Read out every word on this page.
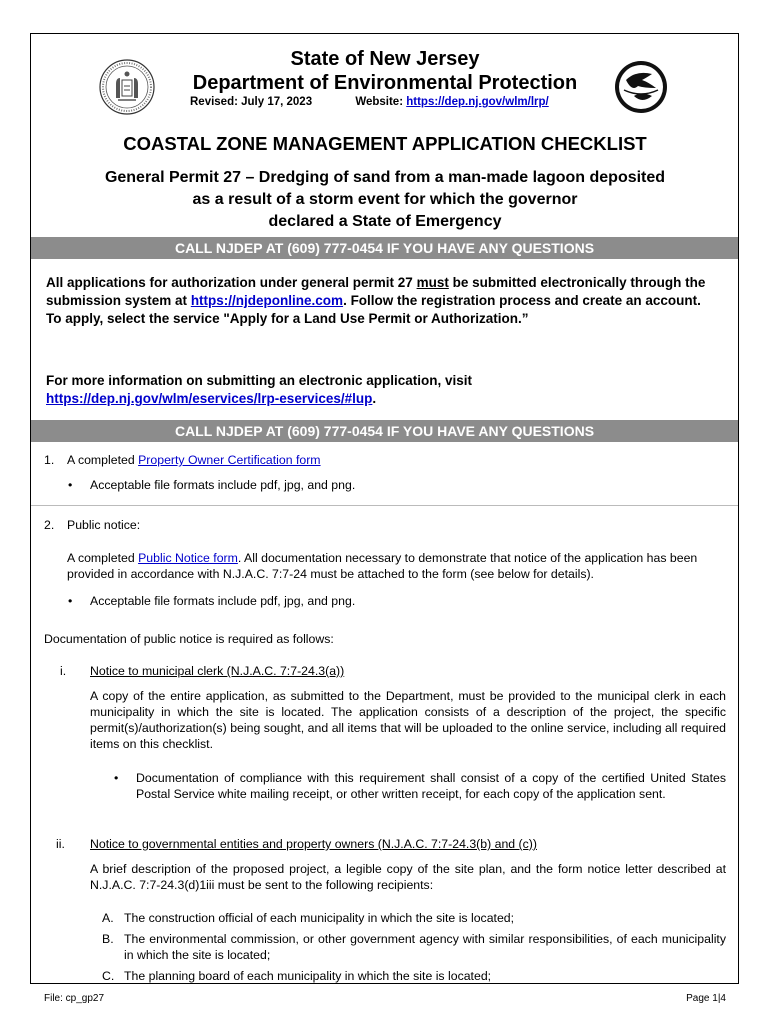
State of New Jersey
Department of Environmental Protection
Revised: July 17, 2023	Website: https://dep.nj.gov/wlm/lrp/
COASTAL ZONE MANAGEMENT APPLICATION CHECKLIST
General Permit 27 – Dredging of sand from a man-made lagoon deposited
as a result of a storm event for which the governor
declared a State of Emergency
CALL NJDEP AT (609) 777-0454 IF YOU HAVE ANY QUESTIONS
All applications for authorization under general permit 27 must be submitted electronically through the submission system at https://njdeponline.com. Follow the registration process and create an account. To apply, select the service "Apply for a Land Use Permit or Authorization.”
For more information on submitting an electronic application, visit
https://dep.nj.gov/wlm/eservices/lrp-eservices/#lup.
CALL NJDEP AT (609) 777-0454 IF YOU HAVE ANY QUESTIONS
1. A completed Property Owner Certification form
• Acceptable file formats include pdf, jpg, and png.
2. Public notice:
A completed Public Notice form. All documentation necessary to demonstrate that notice of the application has been provided in accordance with N.J.A.C. 7:7-24 must be attached to the form (see below for details).
• Acceptable file formats include pdf, jpg, and png.
Documentation of public notice is required as follows:
i. Notice to municipal clerk (N.J.A.C. 7:7-24.3(a))
A copy of the entire application, as submitted to the Department, must be provided to the municipal clerk in each municipality in which the site is located. The application consists of a description of the project, the specific permit(s)/authorization(s) being sought, and all items that will be uploaded to the online service, including all required items on this checklist.
• Documentation of compliance with this requirement shall consist of a copy of the certified United States Postal Service white mailing receipt, or other written receipt, for each copy of the application sent.
ii. Notice to governmental entities and property owners (N.J.A.C. 7:7-24.3(b) and (c))
A brief description of the proposed project, a legible copy of the site plan, and the form notice letter described at N.J.A.C. 7:7-24.3(d)1iii must be sent to the following recipients:
A. The construction official of each municipality in which the site is located;
B. The environmental commission, or other government agency with similar responsibilities, of each municipality in which the site is located;
C. The planning board of each municipality in which the site is located;
File: cp_gp27	Page 1|4
